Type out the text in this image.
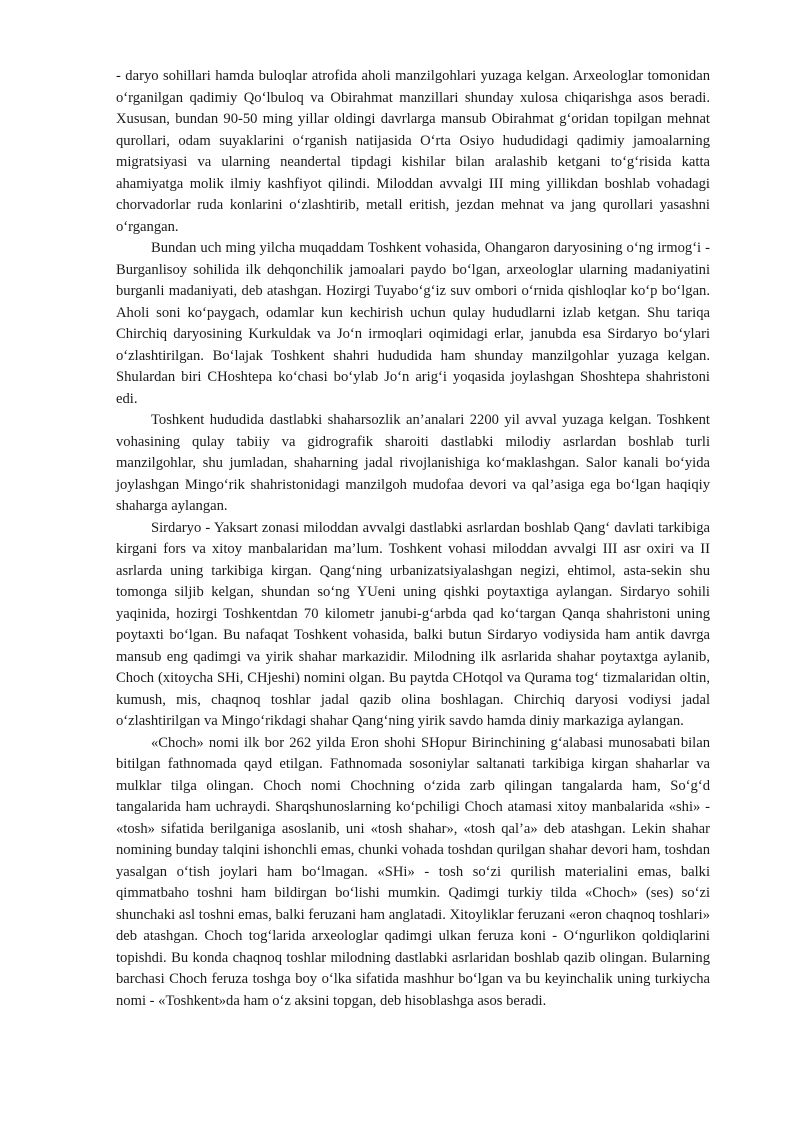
- daryo sohillari hamda buloqlar atrofida aholi manzilgohlari yuzaga kelgan. Arxeologlar tomonidan o‘rganilgan qadimiy Qo‘lbuloq va Obirahmat manzillari shunday xulosa chiqarishga asos beradi. Xususan, bundan 90-50 ming yillar oldingi davrlarga mansub Obirahmat g‘oridan topilgan mehnat qurollari, odam suyaklarini o‘rganish natijasida O‘rta Osiyo hududidagi qadimiy jamoalarning migratsiyasi va ularning neandertal tipdagi kishilar bilan aralashib ketgani to‘g‘risida katta ahamiyatga molik ilmiy kashfiyot qilindi. Miloddan avvalgi III ming yillikdan boshlab vohadagi chorvadorlar ruda konlarini o‘zlashtirib, metall eritish, jezdan mehnat va jang qurollari yasashni o‘rgangan.

Bundan uch ming yilcha muqaddam Toshkent vohasida, Ohangaron daryosining o‘ng irmog‘i - Burganlisoy sohilida ilk dehqonchilik jamoalari paydo bo‘lgan, arxeologlar ularning madaniyatini burganli madaniyati, deb atashgan. Hozirgi Tuyabo‘g‘iz suv ombori o‘rnida qishloqlar ko‘p bo‘lgan. Aholi soni ko‘paygach, odamlar kun kechirish uchun qulay hududlarni izlab ketgan. Shu tariqa Chirchiq daryosining Kurkuldak va Jo‘n irmoqlari oqimidagi erlar, janubda esa Sirdaryo bo‘ylari o‘zlashtirilgan. Bo‘lajak Toshkent shahri hududida ham shunday manzilgohlar yuzaga kelgan. Shulardan biri CHoshtepa ko‘chasi bo‘ylab Jo‘n arig‘i yoqasida joylashgan Shoshtepa shahristoni edi.

Toshkent hududida dastlabki shaharsozlik an’analari 2200 yil avval yuzaga kelgan. Toshkent vohasining qulay tabiiy va gidrografik sharoiti dastlabki milodiy asrlardan boshlab turli manzilgohlar, shu jumladan, shaharning jadal rivojlanishiga ko‘maklashgan. Salor kanali bo‘yida joylashgan Mingo‘rik shahristonidagi manzilgoh mudofaa devori va qal’asiga ega bo‘lgan haqiqiy shaharga aylangan.

Sirdaryo - Yaksart zonasi miloddan avvalgi dastlabki asrlardan boshlab Qang‘ davlati tarkibiga kirgani fors va xitoy manbalaridan ma’lum. Toshkent vohasi miloddan avvalgi III asr oxiri va II asrlarda uning tarkibiga kirgan. Qang‘ning urbanizatsiyalashgan negizi, ehtimol, asta-sekin shu tomonga siljib kelgan, shundan so‘ng YUeni uning qishki poytaxtiga aylangan. Sirdaryo sohili yaqinida, hozirgi Toshkentdan 70 kilometr janubi-g‘arbda qad ko‘targan Qanqa shahristoni uning poytaxti bo‘lgan. Bu nafaqat Toshkent vohasida, balki butun Sirdaryo vodiysida ham antik davrga mansub eng qadimgi va yirik shahar markazidir. Milodning ilk asrlarida shahar poytaxtga aylanib, Choch (xitoycha SHi, CHjeshi) nomini olgan. Bu paytda CHotqol va Qurama tog‘ tizmalaridan oltin, kumush, mis, chaqnoq toshlar jadal qazib olina boshlagan. Chirchiq daryosi vodiysi jadal o‘zlashtirilgan va Mingo‘rikdagi shahar Qang‘ning yirik savdo hamda diniy markaziga aylangan.

«Choch» nomi ilk bor 262 yilda Eron shohi SHopur Birinchining g‘alabasi munosabati bilan bitilgan fathnomada qayd etilgan. Fathnomada sosoniylar saltanati tarkibiga kirgan shaharlar va mulklar tilga olingan. Choch nomi Chochning o‘zida zarb qilingan tangalarda ham, So‘g‘d tangalarida ham uchraydi. Sharqshunoslarning ko‘pchiligi Choch atamasi xitoy manbalarida «shi» - «tosh» sifatida berilganiga asoslanib, uni «tosh shahar», «tosh qal’a» deb atashgan. Lekin shahar nomining bunday talqini ishonchli emas, chunki vohada toshdan qurilgan shahar devori ham, toshdan yasalgan o‘tish joylari ham bo‘lmagan. «SHi» - tosh so‘zi qurilish materialini emas, balki qimmatbaho toshni ham bildirgan bo‘lishi mumkin. Qadimgi turkiy tilda «Choch» (ses) so‘zi shunchaki asl toshni emas, balki feruzani ham anglatadi. Xitoyliklar feruzani «eron chaqnoq toshlari» deb atashgan. Choch tog‘larida arxeologlar qadimgi ulkan feruza koni - O‘ngurlikon qoldiqlarini topishdi. Bu konda chaqnoq toshlar milodning dastlabki asrlaridan boshlab qazib olingan. Bularning barchasi Choch feruza toshga boy o‘lka sifatida mashhur bo‘lgan va bu keyinchalik uning turkiycha nomi - «Toshkent»da ham o‘z aksini topgan, deb hisoblashga asos beradi.
